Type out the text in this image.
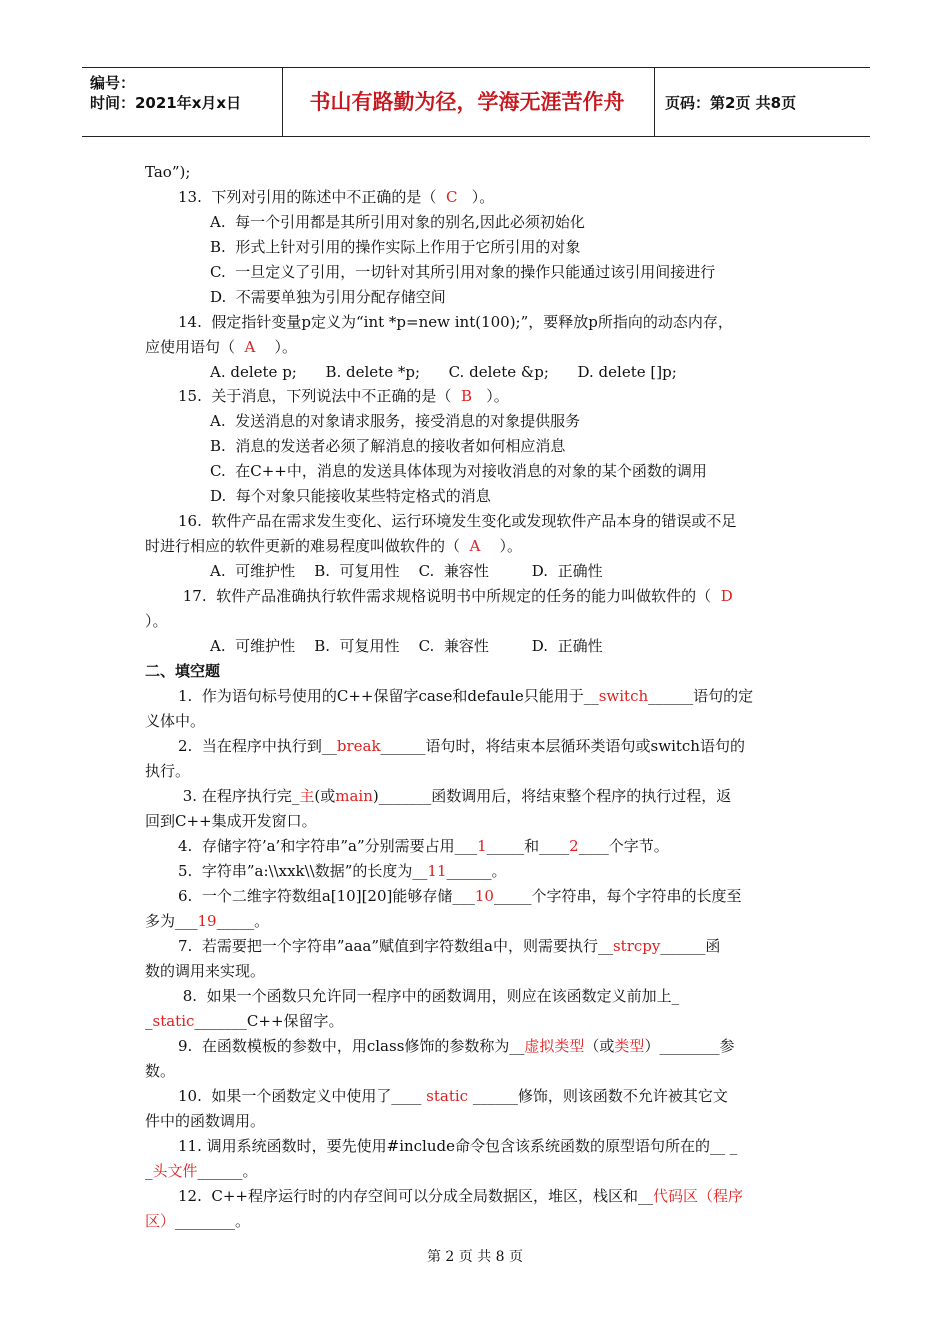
编号：
时间：2021年x月x日	书山有路勤为径，学海无涯苦作舟	页码：第2页 共8页
Tao”);
13.  下列对引用的陈述中不正确的是（  C   ）。
A.  每一个引用都是其所引用对象的别名,因此必须初始化
B.  形式上针对引用的操作实际上作用于它所引用的对象
C.  一旦定义了引用，一切针对其所引用对象的操作只能通过该引用间接进行
D.  不需要单独为引用分配存储空间
14.  假定指针变量p定义为“int *p=new int(100);”，要释放p所指向的动态内存，
应使用语句（  A    ）。
A. delete p;      B. delete *p;      C. delete &p;      D. delete []p;
15.  关于消息，下列说法中不正确的是（  B   ）。
A.  发送消息的对象请求服务，接受消息的对象提供服务
B.  消息的发送者必须了解消息的接收者如何相应消息
C.  在C++中，消息的发送具体体现为对接收消息的对象的某个函数的调用
D.  每个对象只能接收某些特定格式的消息
16.  软件产品在需求发生变化、运行环境发生变化或发现软件产品本身的错误或不足
时进行相应的软件更新的难易程度叫做软件的（  A    ）。
A.  可维护性    B.  可复用性    C.  兼容性         D.  正确性
17.  软件产品准确执行软件需求规格说明书中所规定的任务的能力叫做软件的（  D
）。
A.  可维护性    B.  可复用性    C.  兼容性         D.  正确性
二、填空题
1.  作为语句标号使用的C++保留字case和defaule只能用于__switch______语句的定
义体中。
2.  当在程序中执行到__break______语句时，将结束本层循环类语句或switch语句的
执行。
3. 在程序执行完_主(或main)_______函数调用后，将结束整个程序的执行过程，返
回到C++集成开发窗口。
4.  存储字符’a’和字符串”a”分别需要占用___1_____和____2____个字节。
5.  字符串”a:\\xxk\\数据”的长度为__11______。
6.  一个二维字符数组a[10][20]能够存储___10_____个字符串，每个字符串的长度至
多为___19_____。
7.  若需要把一个字符串”aaa”赋值到字符数组a中，则需要执行__strcpy______函
数的调用来实现。
8.  如果一个函数只允许同一程序中的函数调用，则应在该函数定义前加上_
_static_______C++保留字。
9.  在函数模板的参数中，用class修饰的参数称为__虚拟类型（或类型）________参
数。
10.  如果一个函数定义中使用了____ static ______修饰，则该函数不允许被其它文
件中的函数调用。
11. 调用系统函数时，要先使用#include命令包含该系统函数的原型语句所在的__ _
_头文件______。
12.  C++程序运行时的内存空间可以分成全局数据区，堆区，栈区和__代码区（程序
区）________。
第 2 页 共 8 页
